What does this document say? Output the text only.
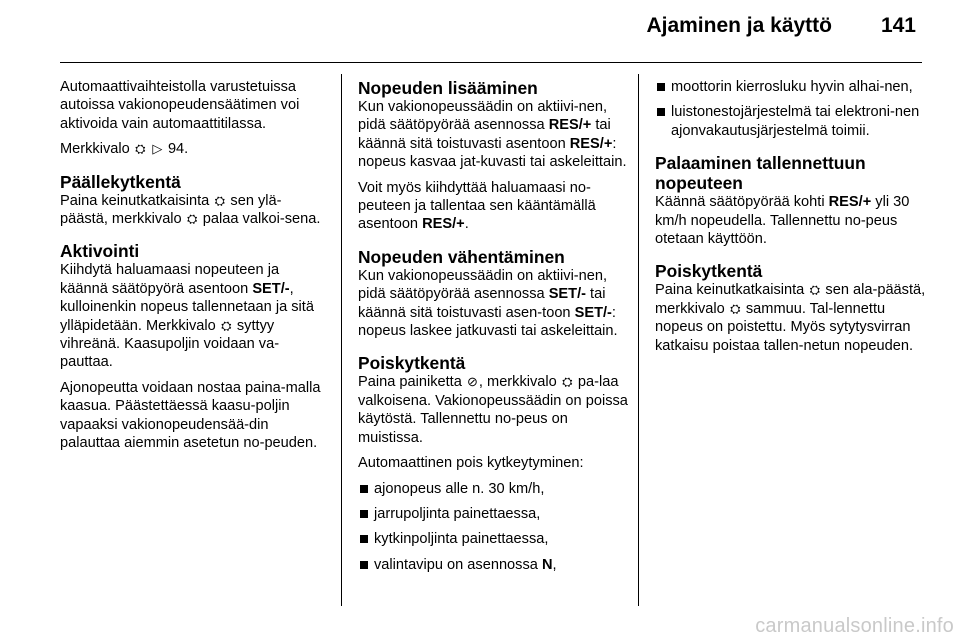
Ajaminen ja käyttö 141

Automaattivaihteistolla varustetuissa autoissa vakionopeudensäätimen voi aktivoida vain automaattitilassa.

Merkkivalo ⛭ ▷ 94.

Päällekytkentä

Paina keinutkatkaisinta ⛭ sen ylä-päästä, merkkivalo ⛭ palaa valkoi-sena.

Aktivointi

Kiihdytä haluamaasi nopeuteen ja käännä säätöpyörä asentoon SET/-, kulloinenkin nopeus tallennetaan ja sitä ylläpidetään. Merkkivalo ⛭ syttyy vihreänä. Kaasupoljin voidaan va-pauttaa.

Ajonopeutta voidaan nostaa paina-malla kaasua. Päästettäessä kaasu-poljin vapaaksi vakionopeudensää-din palauttaa aiemmin asetetun no-peuden.

Nopeuden lisääminen

Kun vakionopeussäädin on aktiivi-nen, pidä säätöpyörää asennossa RES/+ tai käännä sitä toistuvasti asentoon RES/+: nopeus kasvaa jat-kuvasti tai askeleittain.

Voit myös kiihdyttää haluamaasi no-peuteen ja tallentaa sen kääntämällä asentoon RES/+.

Nopeuden vähentäminen

Kun vakionopeussäädin on aktiivi-nen, pidä säätöpyörää asennossa SET/- tai käännä sitä toistuvasti asen-toon SET/-: nopeus laskee jatkuvasti tai askeleittain.

Poiskytkentä

Paina painiketta ⊘, merkkivalo ⛭ pa-laa valkoisena. Vakionopeussäädin on poissa käytöstä. Tallennettu no-peus on muistissa.

Automaattinen pois kytkeytyminen:

ajonopeus alle n. 30 km/h,
jarrupoljinta painettaessa,
kytkinpoljinta painettaessa,
valintavipu on asennossa N,
moottorin kierrosluku hyvin alhai-nen,
luistonestojärjestelmä tai elektroni-nen ajonvakautusjärjestelmä toimii.
Palaaminen tallennettuun nopeuteen

Käännä säätöpyörää kohti RES/+ yli 30 km/h nopeudella. Tallennettu no-peus otetaan käyttöön.

Poiskytkentä

Paina keinutkatkaisinta ⛭ sen ala-päästä, merkkivalo ⛭ sammuu. Tal-lennettu nopeus on poistettu. Myös sytytysvirran katkaisu poistaa tallen-netun nopeuden.

carmanualsonline.info
